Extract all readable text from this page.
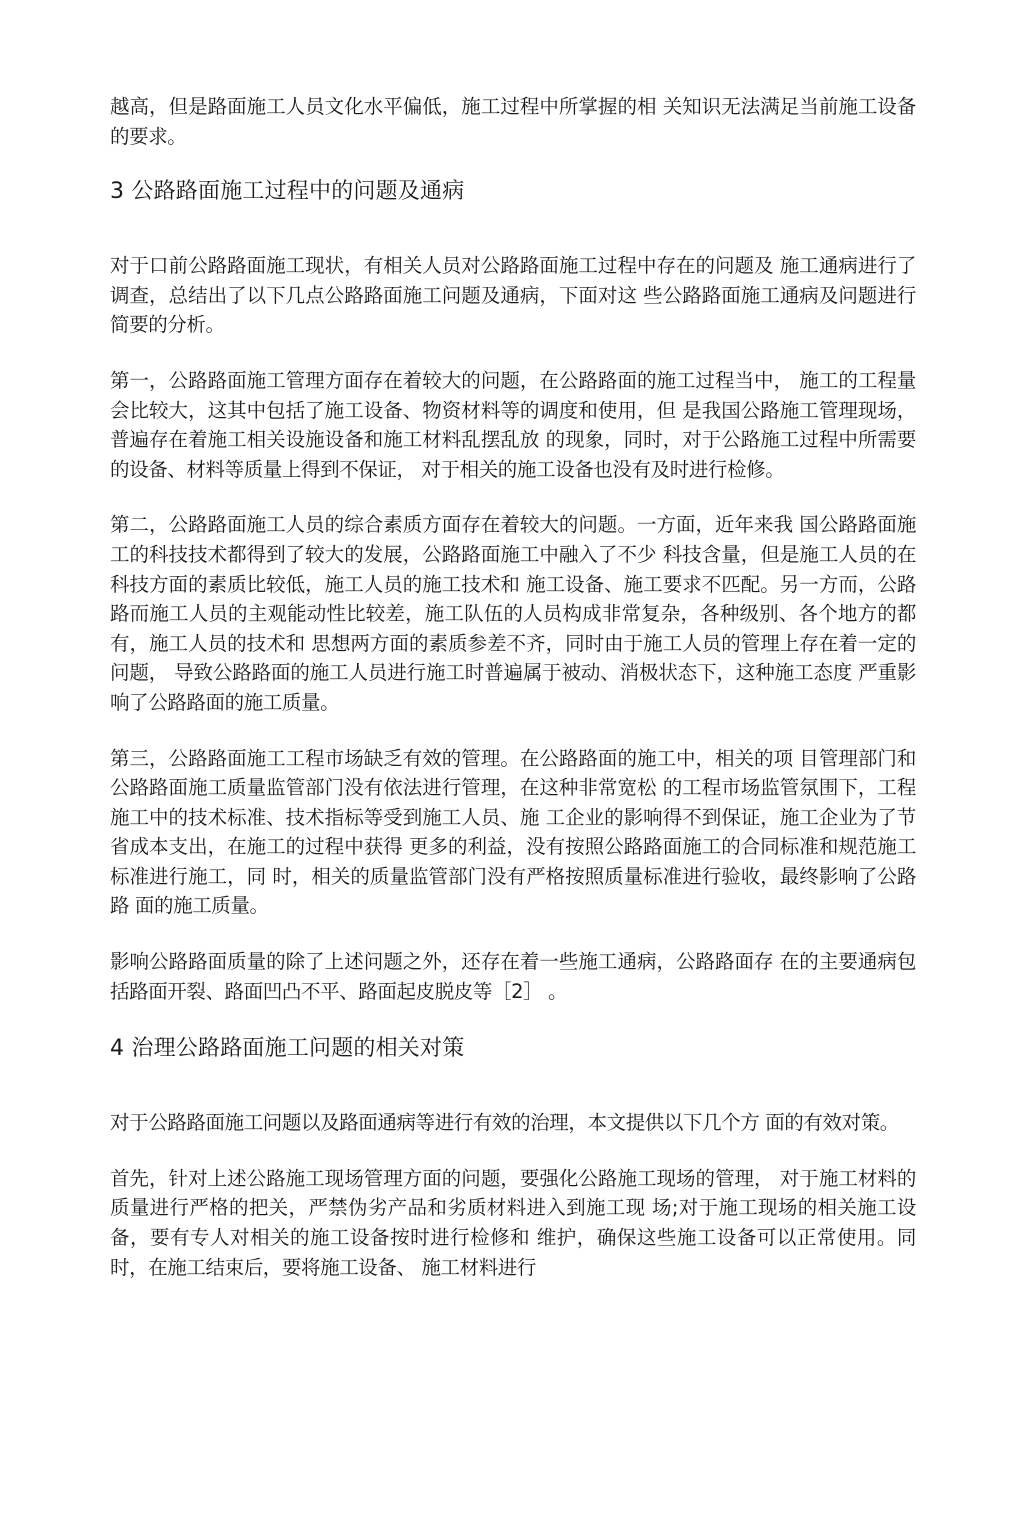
越高，但是路面施工人员文化水平偏低，施工过程中所掌握的相 关知识无法满足当前施工设备的要求。

3 公路路面施工过程中的问题及通病

对于口前公路路面施工现状，有相关人员对公路路面施工过程中存在的问题及 施工通病进行了调查，总结出了以下几点公路路面施工问题及通病，下面对这 些公路路面施工通病及问题进行简要的分析。

第一，公路路面施工管理方面存在着较大的问题，在公路路面的施工过程当中， 施工的工程量会比较大，这其中包括了施工设备、物资材料等的调度和使用，但 是我国公路施工管理现场，普遍存在着施工相关设施设备和施工材料乱摆乱放 的现象，同时，对于公路施工过程中所需要的设备、材料等质量上得到不保证， 对于相关的施工设备也没有及时进行检修。

第二，公路路面施工人员的综合素质方面存在着较大的问题。一方面，近年来我 国公路路面施工的科技技术都得到了较大的发展，公路路面施工中融入了不少 科技含量，但是施工人员的在科技方面的素质比较低，施工人员的施工技术和 施工设备、施工要求不匹配。另一方而，公路路而施工人员的主观能动性比较差，施工队伍的人员构成非常复杂，各种级别、各个地方的都有，施工人员的技术和 思想两方面的素质参差不齐，同时由于施工人员的管理上存在着一定的问题， 导致公路路面的施工人员进行施工时普遍属于被动、消极状态下，这种施工态度 严重影响了公路路面的施工质量。

第三，公路路面施工工程市场缺乏有效的管理。在公路路面的施工中，相关的项 目管理部门和公路路面施工质量监管部门没有依法进行管理，在这种非常宽松 的工程市场监管氛围下，工程施工中的技术标准、技术指标等受到施工人员、施 工企业的影响得不到保证，施工企业为了节省成本支出，在施工的过程中获得 更多的利益，没有按照公路路面施工的合同标准和规范施工标准进行施工，同 时，相关的质量监管部门没有严格按照质量标准进行验收，最终影响了公路路 面的施工质量。

影响公路路面质量的除了上述问题之外，还存在着一些施工通病，公路路面存 在的主要通病包括路面开裂、路面凹凸不平、路面起皮脱皮等［2］ 。

4 治理公路路面施工问题的相关对策

对于公路路面施工问题以及路面通病等进行有效的治理，本文提供以下几个方 面的有效对策。

首先，针对上述公路施工现场管理方面的问题，要强化公路施工现场的管理， 对于施工材料的质量进行严格的把关，严禁伪劣产品和劣质材料进入到施工现 场;对于施工现场的相关施工设备，要有专人对相关的施工设备按时进行检修和 维护，确保这些施工设备可以正常使用。同时，在施工结束后，要将施工设备、 施工材料进行
